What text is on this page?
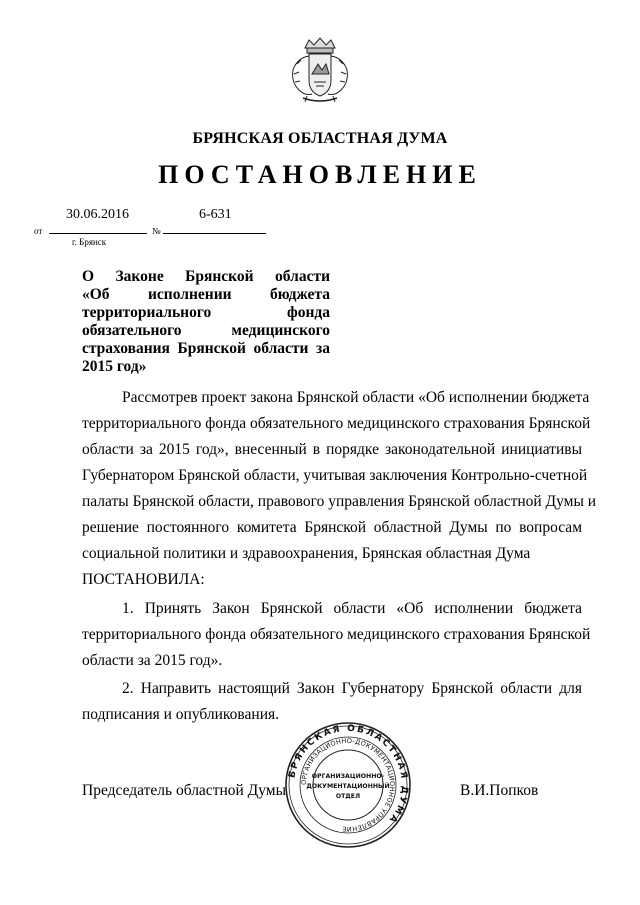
БРЯНСКАЯ ОБЛАСТНАЯ ДУМА
ПОСТАНОВЛЕНИЕ
от
30.06.2016
№
6-631
г. Брянск
О Законе Брянской области
«Об исполнении бюджета
территориального фонда
обязательного медицинского
страхования Брянской области за
2015 год»
Рассмотрев проект закона Брянской области «Об исполнении бюджета
территориального фонда обязательного медицинского страхования Брянской
области за 2015 год», внесенный в порядке законодательной инициативы
Губернатором Брянской области, учитывая заключения Контрольно-счетной
палаты Брянской области, правового управления Брянской областной Думы и
решение постоянного комитета Брянской областной Думы по вопросам
социальной политики и здравоохранения, Брянская областная Дума
ПОСТАНОВИЛА:
1. Принять Закон Брянской области «Об исполнении бюджета
территориального фонда обязательного медицинского страхования Брянской
области за 2015 год».
2. Направить настоящий Закон Губернатору Брянской области для
подписания и опубликования.
Председатель областной Думы	В.И.Попков
БРЯНСКАЯ ОБЛАСТНАЯ ДУМА
ОРГАНИЗАЦИОННО-ДОКУМЕНТАЦИОННОЕ УПРАВЛЕНИЕ
ОРГАНИЗАЦИОННО-
ДОКУМЕНТАЦИОННЫЙ
ОТДЕЛ
